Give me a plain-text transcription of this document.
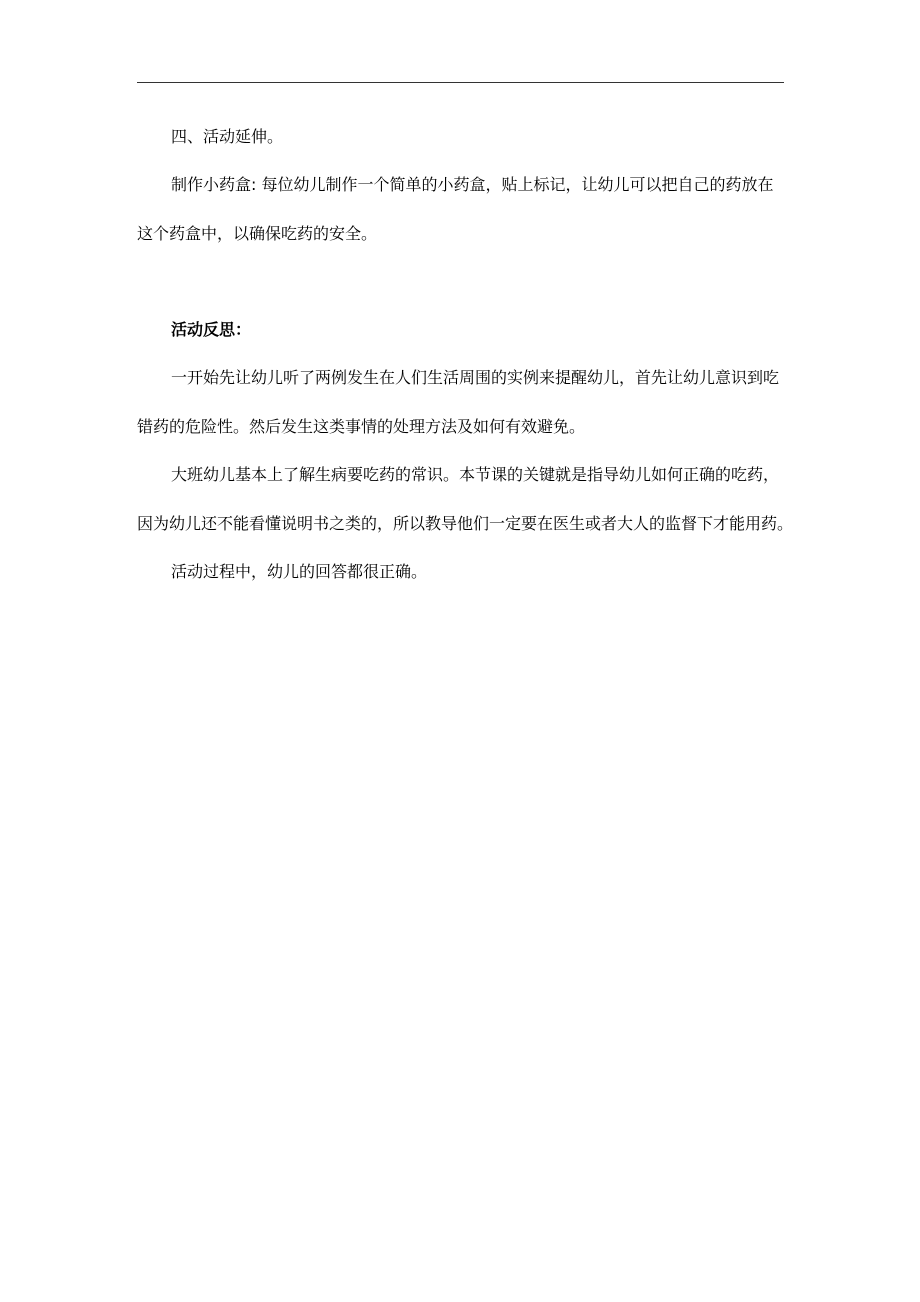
四、活动延伸。
制作小药盒: 每位幼儿制作一个简单的小药盒，贴上标记，让幼儿可以把自己的药放在
这个药盒中，以确保吃药的安全。
活动反思：
一开始先让幼儿听了两例发生在人们生活周围的实例来提醒幼儿，首先让幼儿意识到吃
错药的危险性。然后发生这类事情的处理方法及如何有效避免。
大班幼儿基本上了解生病要吃药的常识。本节课的关键就是指导幼儿如何正确的吃药，
因为幼儿还不能看懂说明书之类的，所以教导他们一定要在医生或者大人的监督下才能用药。
活动过程中，幼儿的回答都很正确。
